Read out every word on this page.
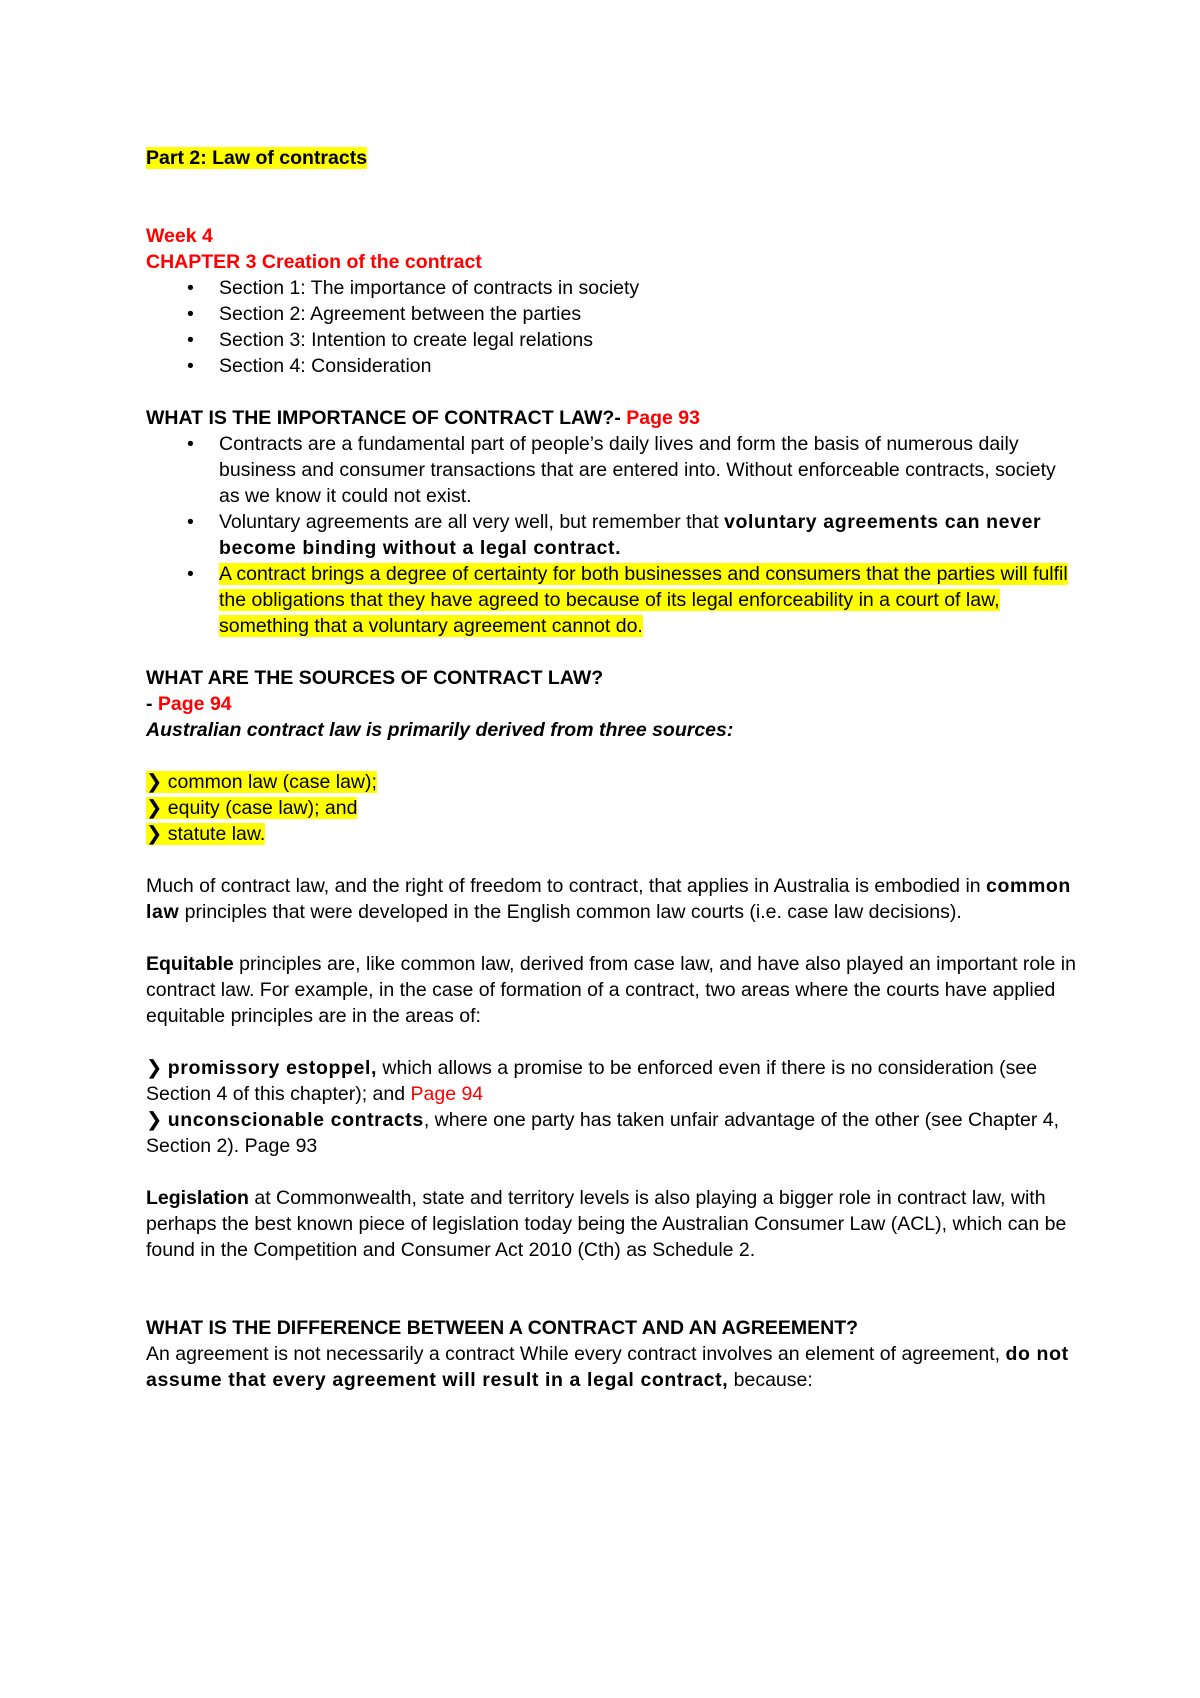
Part 2: Law of contracts

Week 4

CHAPTER 3 Creation of the contract

• Section 1: The importance of contracts in society
• Section 2: Agreement between the parties
• Section 3: Intention to create legal relations
• Section 4: Consideration

WHAT IS THE IMPORTANCE OF CONTRACT LAW?- Page 93

• Contracts are a fundamental part of people’s daily lives and form the basis of numerous daily business and consumer transactions that are entered into. Without enforceable contracts, society as we know it could not exist.
• Voluntary agreements are all very well, but remember that voluntary agreements can never become binding without a legal contract.
• A contract brings a degree of certainty for both businesses and consumers that the parties will fulfil the obligations that they have agreed to because of its legal enforceability in a court of law, something that a voluntary agreement cannot do.

WHAT ARE THE SOURCES OF CONTRACT LAW?

- Page 94

Australian contract law is primarily derived from three sources:

❯ common law (case law);

❯ equity (case law); and

❯ statute law.

Much of contract law, and the right of freedom to contract, that applies in Australia is embodied in common law principles that were developed in the English common law courts (i.e. case law decisions).

Equitable principles are, like common law, derived from case law, and have also played an important role in contract law. For example, in the case of formation of a contract, two areas where the courts have applied equitable principles are in the areas of:

❯ promissory estoppel, which allows a promise to be enforced even if there is no consideration (see Section 4 of this chapter); and Page 94

❯ unconscionable contracts, where one party has taken unfair advantage of the other (see Chapter 4, Section 2). Page 93

Legislation at Commonwealth, state and territory levels is also playing a bigger role in contract law, with perhaps the best known piece of legislation today being the Australian Consumer Law (ACL), which can be found in the Competition and Consumer Act 2010 (Cth) as Schedule 2.

WHAT IS THE DIFFERENCE BETWEEN A CONTRACT AND AN AGREEMENT?

An agreement is not necessarily a contract While every contract involves an element of agreement, do not assume that every agreement will result in a legal contract, because:
